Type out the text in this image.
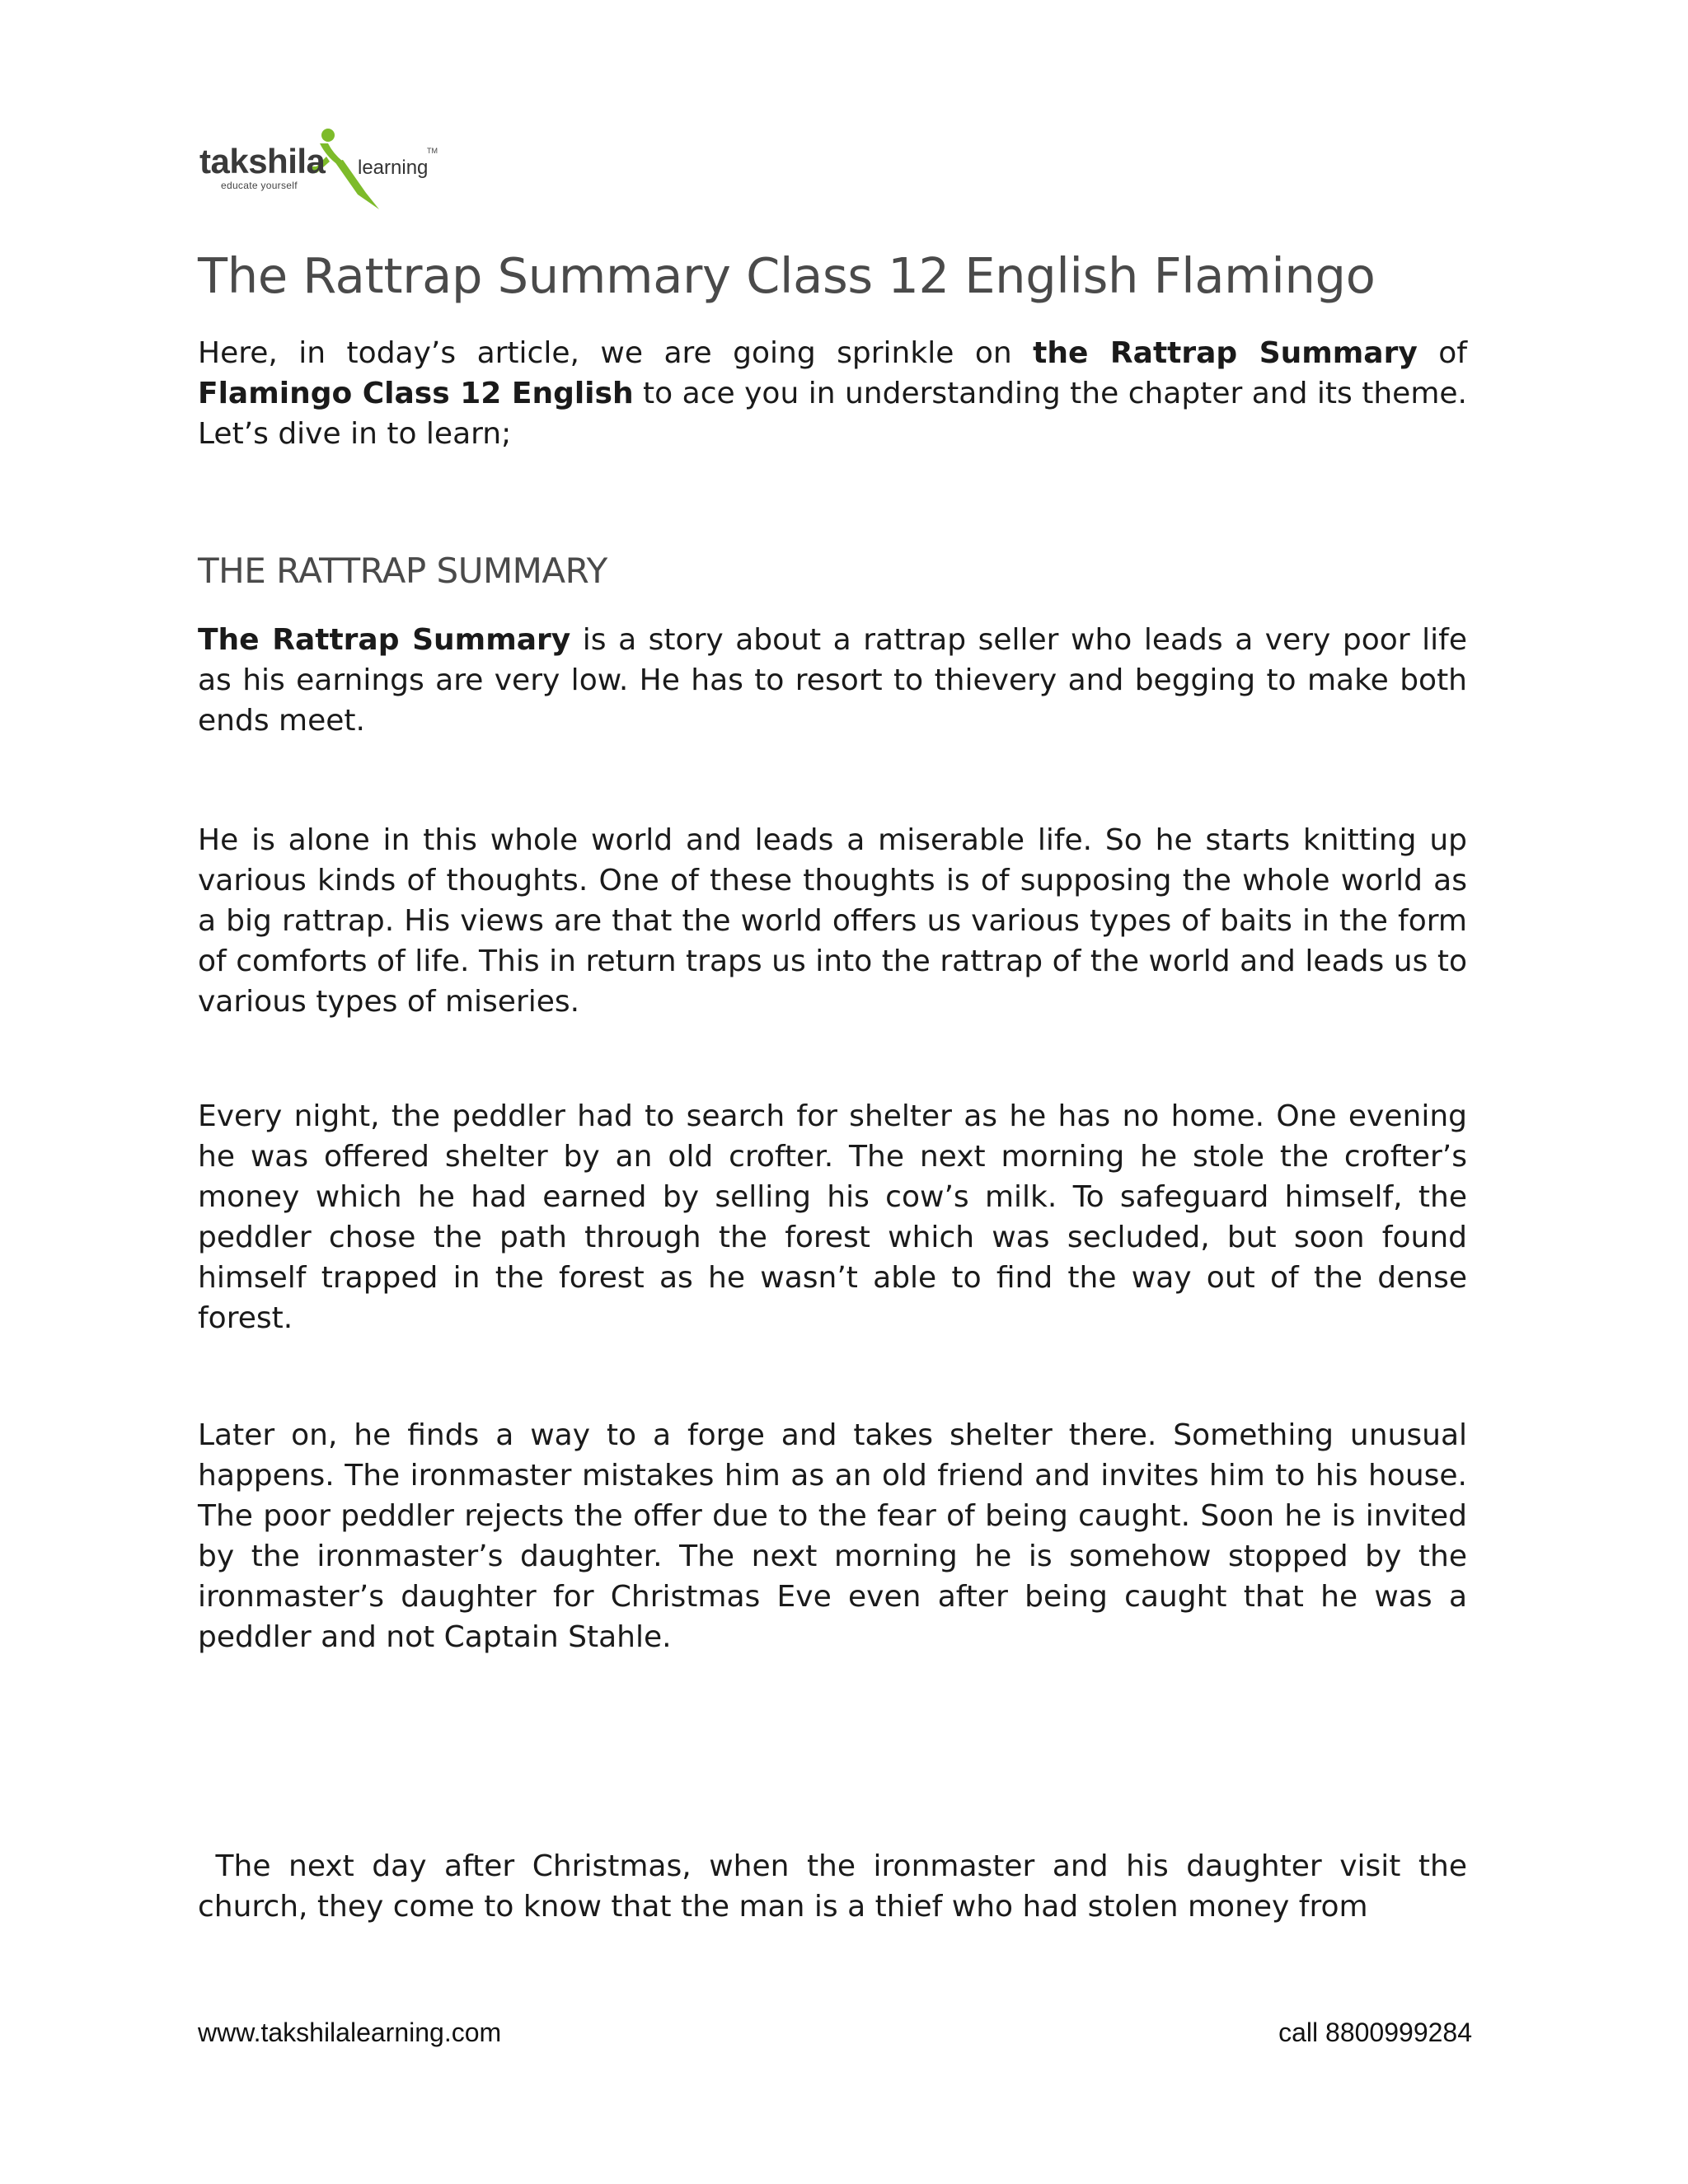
takshila learning
TM
educate yourself
The Rattrap Summary Class 12 English Flamingo

Here, in today’s article, we are going sprinkle on the Rattrap Summary of Flamingo Class 12 English to ace you in understanding the chapter and its theme. Let’s dive in to learn;

THE RATTRAP SUMMARY

The Rattrap Summary is a story about a rattrap seller who leads a very poor life as his earnings are very low. He has to resort to thievery and begging to make both ends meet.

He is alone in this whole world and leads a miserable life. So he starts knitting up various kinds of thoughts. One of these thoughts is of supposing the whole world as a big rattrap. His views are that the world offers us various types of baits in the form of comforts of life. This in return traps us into the rattrap of the world and leads us to various types of miseries.

Every night, the peddler had to search for shelter as he has no home. One evening he was offered shelter by an old crofter. The next morning he stole the crofter’s money which he had earned by selling his cow’s milk. To safeguard himself, the peddler chose the path through the forest which was secluded, but soon found himself trapped in the forest as he wasn’t able to find the way out of the dense forest.

Later on, he finds a way to a forge and takes shelter there. Something unusual happens. The ironmaster mistakes him as an old friend and invites him to his house. The poor peddler rejects the offer due to the fear of being caught. Soon he is invited by the ironmaster’s daughter. The next morning he is somehow stopped by the ironmaster’s daughter for Christmas Eve even after being caught that he was a peddler and not Captain Stahle.

The next day after Christmas, when the ironmaster and his daughter visit the church, they come to know that the man is a thief who had stolen money from

www.takshilalearning.com	call 8800999284
